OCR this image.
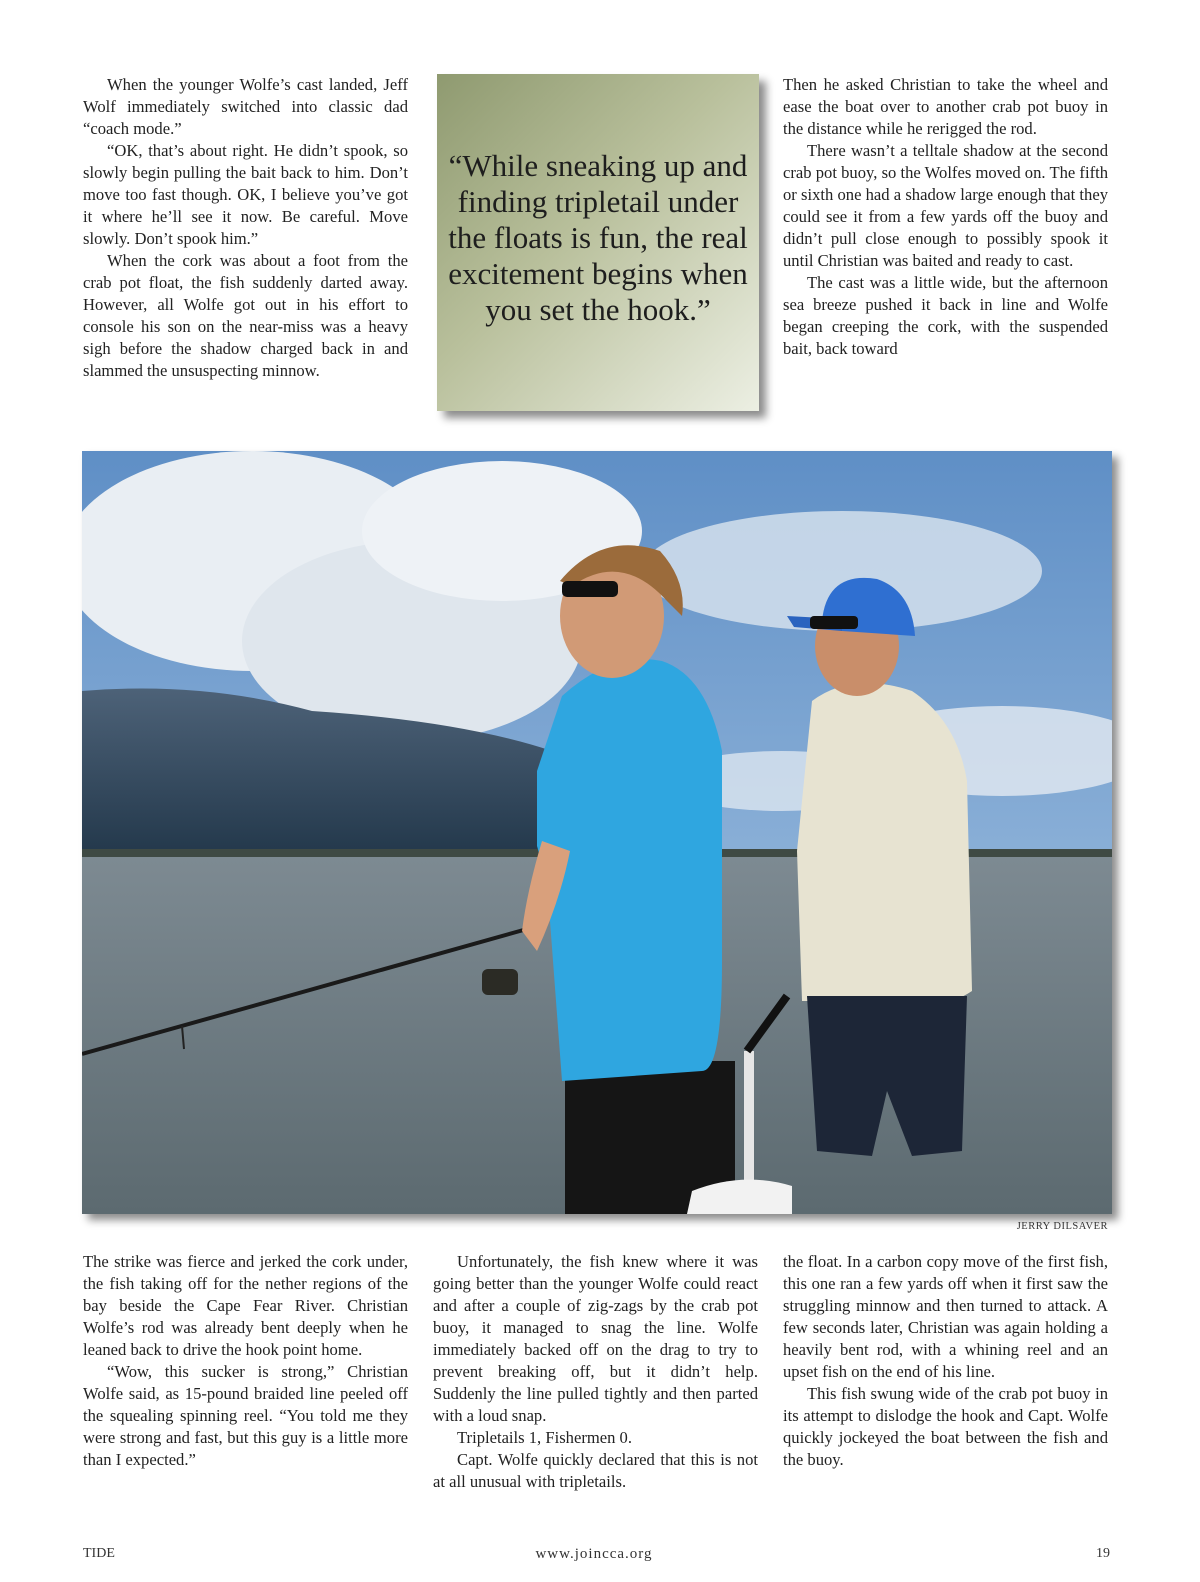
When the younger Wolfe’s cast landed, Jeff Wolf immediately switched into classic dad “coach mode.”

“OK, that’s about right. He didn’t spook, so slowly begin pulling the bait back to him. Don’t move too fast though. OK, I believe you’ve got it where he’ll see it now. Be careful. Move slowly. Don’t spook him.”

When the cork was about a foot from the crab pot float, the fish suddenly darted away. However, all Wolfe got out in his effort to console his son on the near-miss was a heavy sigh before the shadow charged back in and slammed the unsuspecting minnow.

“While sneaking up and finding tripletail under the floats is fun, the real excitement begins when you set the hook.”

Then he asked Christian to take the wheel and ease the boat over to another crab pot buoy in the distance while he rerigged the rod.

There wasn’t a telltale shadow at the second crab pot buoy, so the Wolfes moved on. The fifth or sixth one had a shadow large enough that they could see it from a few yards off the buoy and didn’t pull close enough to possibly spook it until Christian was baited and ready to cast.

The cast was a little wide, but the afternoon sea breeze pushed it back in line and Wolfe began creeping the cork, with the suspended bait, back toward

JERRY DILSAVER

The strike was fierce and jerked the cork under, the fish taking off for the nether regions of the bay beside the Cape Fear River. Christian Wolfe’s rod was already bent deeply when he leaned back to drive the hook point home.

“Wow, this sucker is strong,” Christian Wolfe said, as 15-pound braided line peeled off the squealing spinning reel. “You told me they were strong and fast, but this guy is a little more than I expected.”

Unfortunately, the fish knew where it was going better than the younger Wolfe could react and after a couple of zig-zags by the crab pot buoy, it managed to snag the line. Wolfe immediately backed off on the drag to try to prevent breaking off, but it didn’t help. Suddenly the line pulled tightly and then parted with a loud snap.

Tripletails 1, Fishermen 0.

Capt. Wolfe quickly declared that this is not at all unusual with tripletails.

the float. In a carbon copy move of the first fish, this one ran a few yards off when it first saw the struggling minnow and then turned to attack. A few seconds later, Christian was again holding a heavily bent rod, with a whining reel and an upset fish on the end of his line.

This fish swung wide of the crab pot buoy in its attempt to dislodge the hook and Capt. Wolfe quickly jockeyed the boat between the fish and the buoy.

TIDE	www.joincca.org	19
